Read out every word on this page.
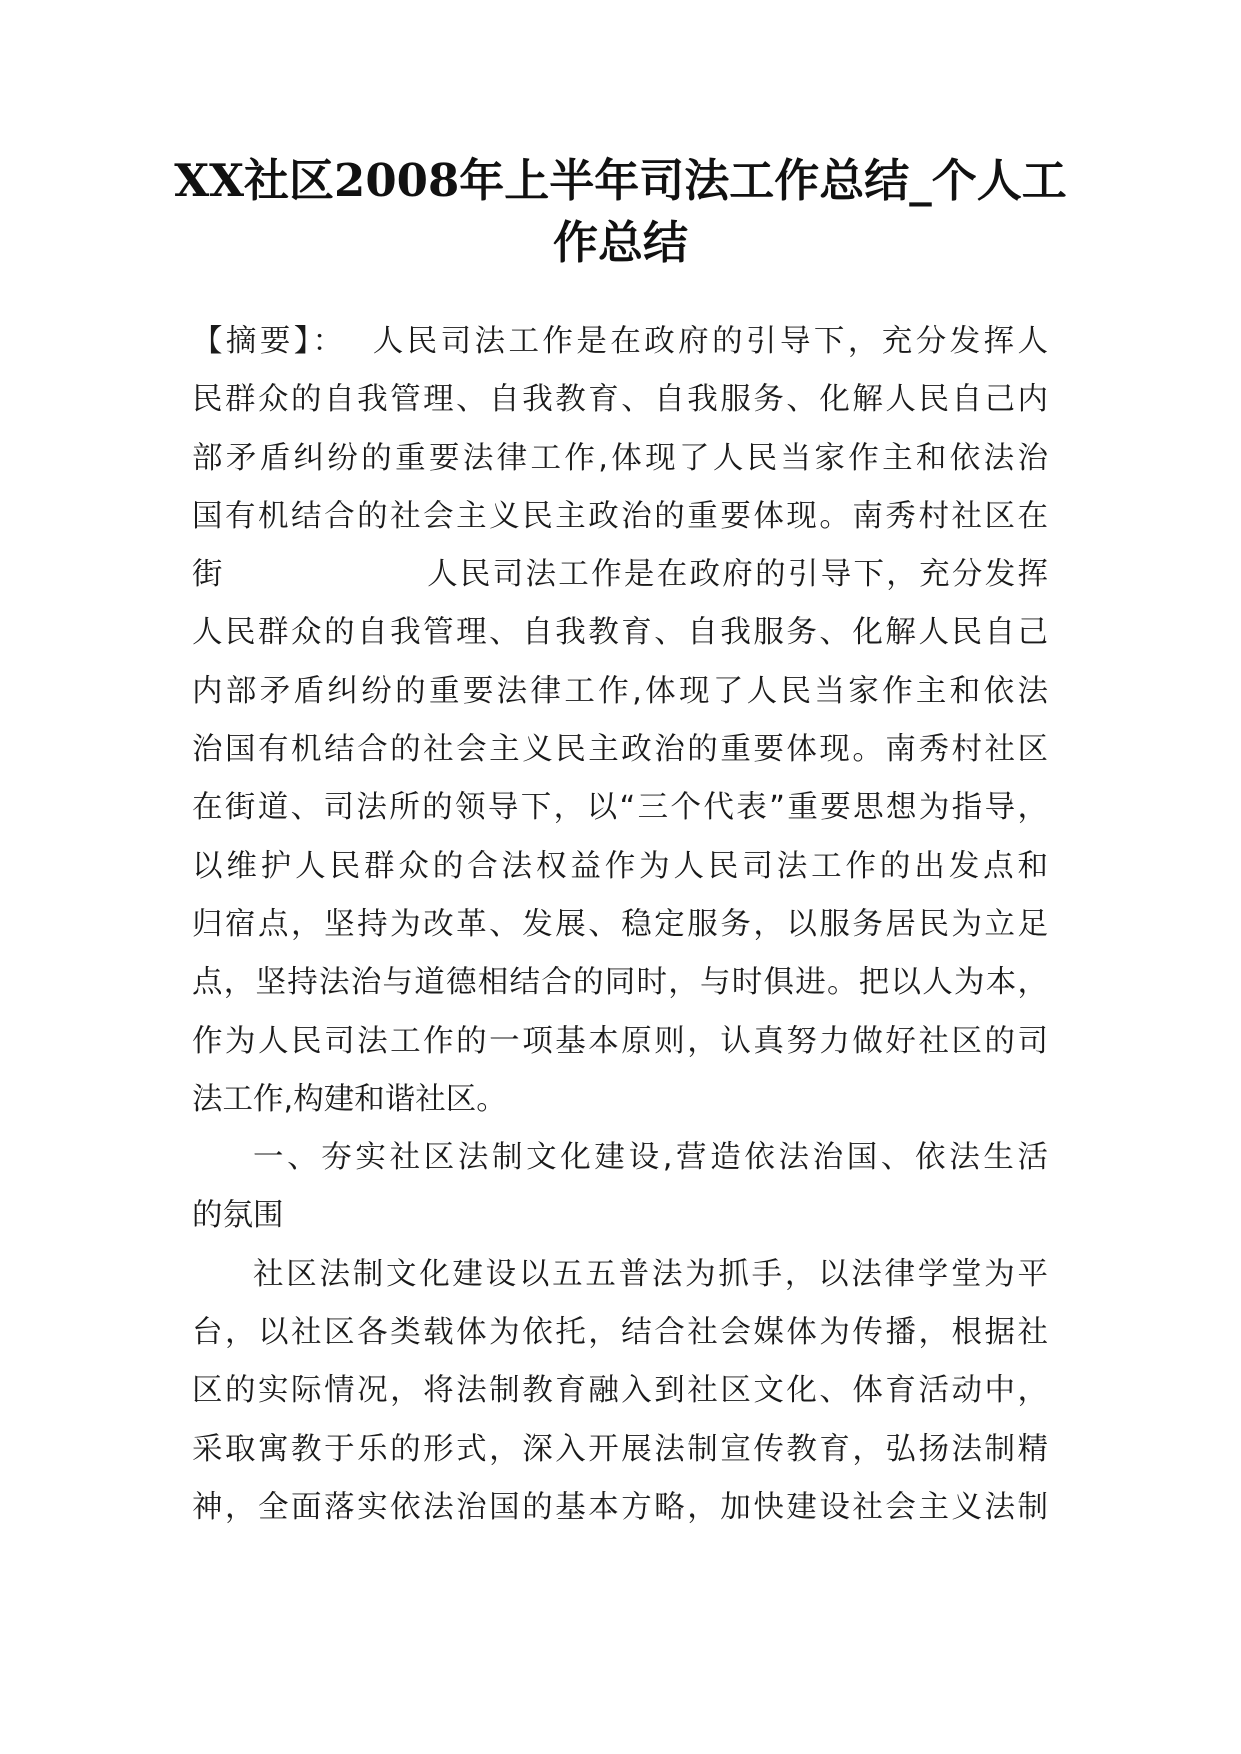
XX社区2008年上半年司法工作总结_个人工
作总结
【摘要】： 人民司法工作是在政府的引导下，充分发挥人
民群众的自我管理、自我教育、自我服务、化解人民自己内
部矛盾纠纷的重要法律工作,体现了人民当家作主和依法治
国有机结合的社会主义民主政治的重要体现。南秀村社区在
街	人民司法工作是在政府的引导下，充分发挥
人民群众的自我管理、自我教育、自我服务、化解人民自己
内部矛盾纠纷的重要法律工作,体现了人民当家作主和依法
治国有机结合的社会主义民主政治的重要体现。南秀村社区
在街道、司法所的领导下，以“三个代表”重要思想为指导，
以维护人民群众的合法权益作为人民司法工作的出发点和
归宿点，坚持为改革、发展、稳定服务，以服务居民为立足
点，坚持法治与道德相结合的同时，与时俱进。把以人为本，
作为人民司法工作的一项基本原则，认真努力做好社区的司
法工作,构建和谐社区。
一、夯实社区法制文化建设,营造依法治国、依法生活
的氛围
社区法制文化建设以五五普法为抓手，以法律学堂为平
台，以社区各类载体为依托，结合社会媒体为传播，根据社
区的实际情况，将法制教育融入到社区文化、体育活动中，
采取寓教于乐的形式，深入开展法制宣传教育，弘扬法制精
神，全面落实依法治国的基本方略，加快建设社会主义法制
